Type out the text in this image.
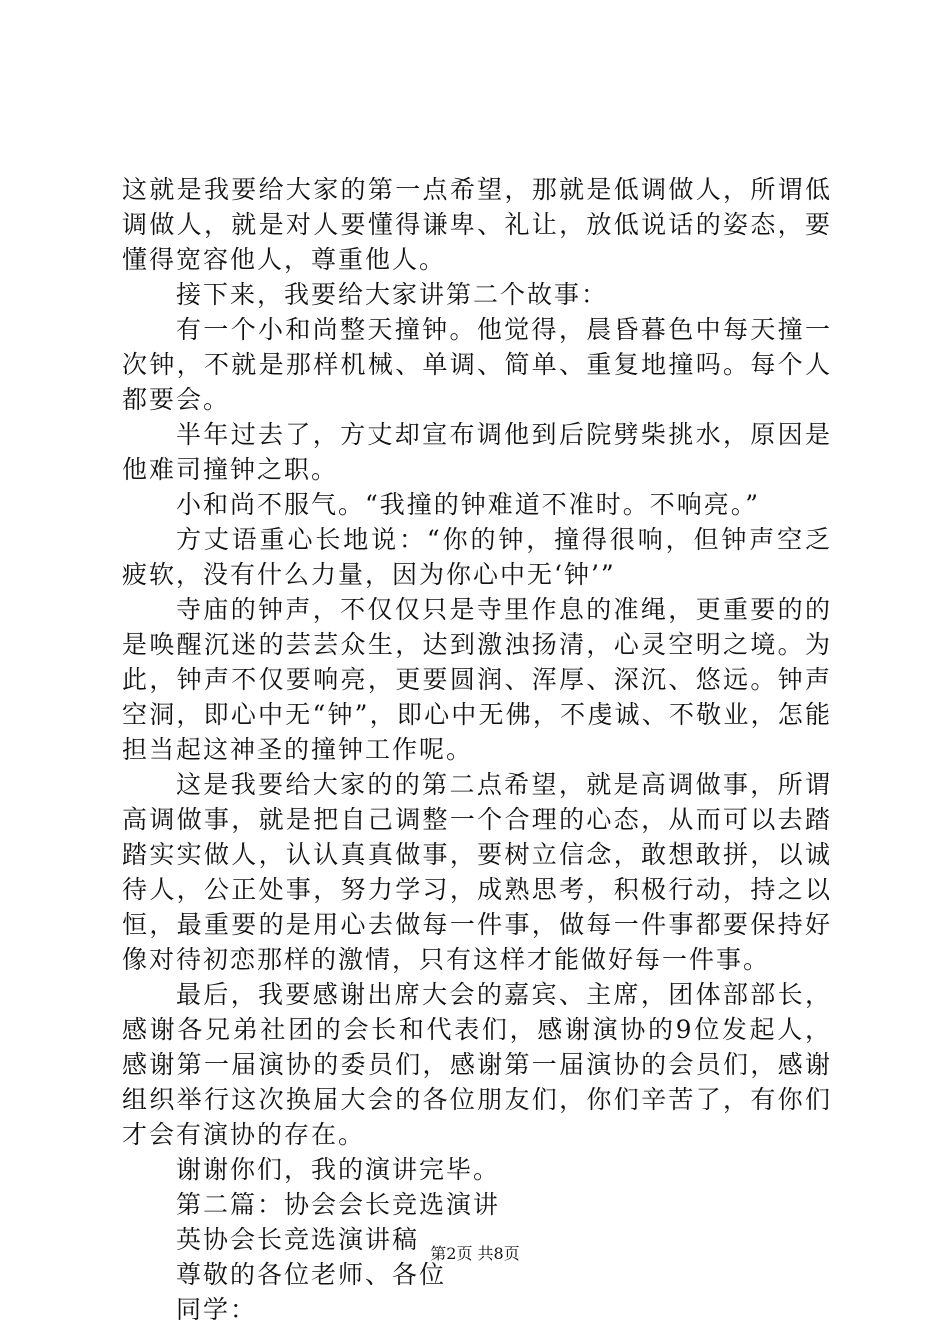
这就是我要给大家的第一点希望，那就是低调做人，所谓低调做人，就是对人要懂得谦卑、礼让，放低说话的姿态，要懂得宽容他人，尊重他人。

接下来，我要给大家讲第二个故事：

有一个小和尚整天撞钟。他觉得，晨昏暮色中每天撞一次钟，不就是那样机械、单调、简单、重复地撞吗。每个人都要会。

半年过去了，方丈却宣布调他到后院劈柴挑水，原因是他难司撞钟之职。

小和尚不服气。“我撞的钟难道不准时。不响亮。”

方丈语重心长地说：“你的钟，撞得很响，但钟声空乏疲软，没有什么力量，因为你心中无‘钟’”

寺庙的钟声，不仅仅只是寺里作息的准绳，更重要的的是唤醒沉迷的芸芸众生，达到激浊扬清，心灵空明之境。为此，钟声不仅要响亮，更要圆润、浑厚、深沉、悠远。钟声空洞，即心中无“钟”，即心中无佛，不虔诚、不敬业，怎能担当起这神圣的撞钟工作呢。

这是我要给大家的的第二点希望，就是高调做事，所谓高调做事，就是把自己调整一个合理的心态，从而可以去踏踏实实做人，认认真真做事，要树立信念，敢想敢拼，以诚待人，公正处事，努力学习，成熟思考，积极行动，持之以恒，最重要的是用心去做每一件事，做每一件事都要保持好像对待初恋那样的激情，只有这样才能做好每一件事。

最后，我要感谢出席大会的嘉宾、主席，团体部部长，感谢各兄弟社团的会长和代表们，感谢演协的9位发起人，感谢第一届演协的委员们，感谢第一届演协的会员们，感谢组织举行这次换届大会的各位朋友们，你们辛苦了，有你们才会有演协的存在。

谢谢你们，我的演讲完毕。

第二篇：协会会长竞选演讲

英协会长竞选演讲稿

尊敬的各位老师、各位

同学：

第2页 共8页
